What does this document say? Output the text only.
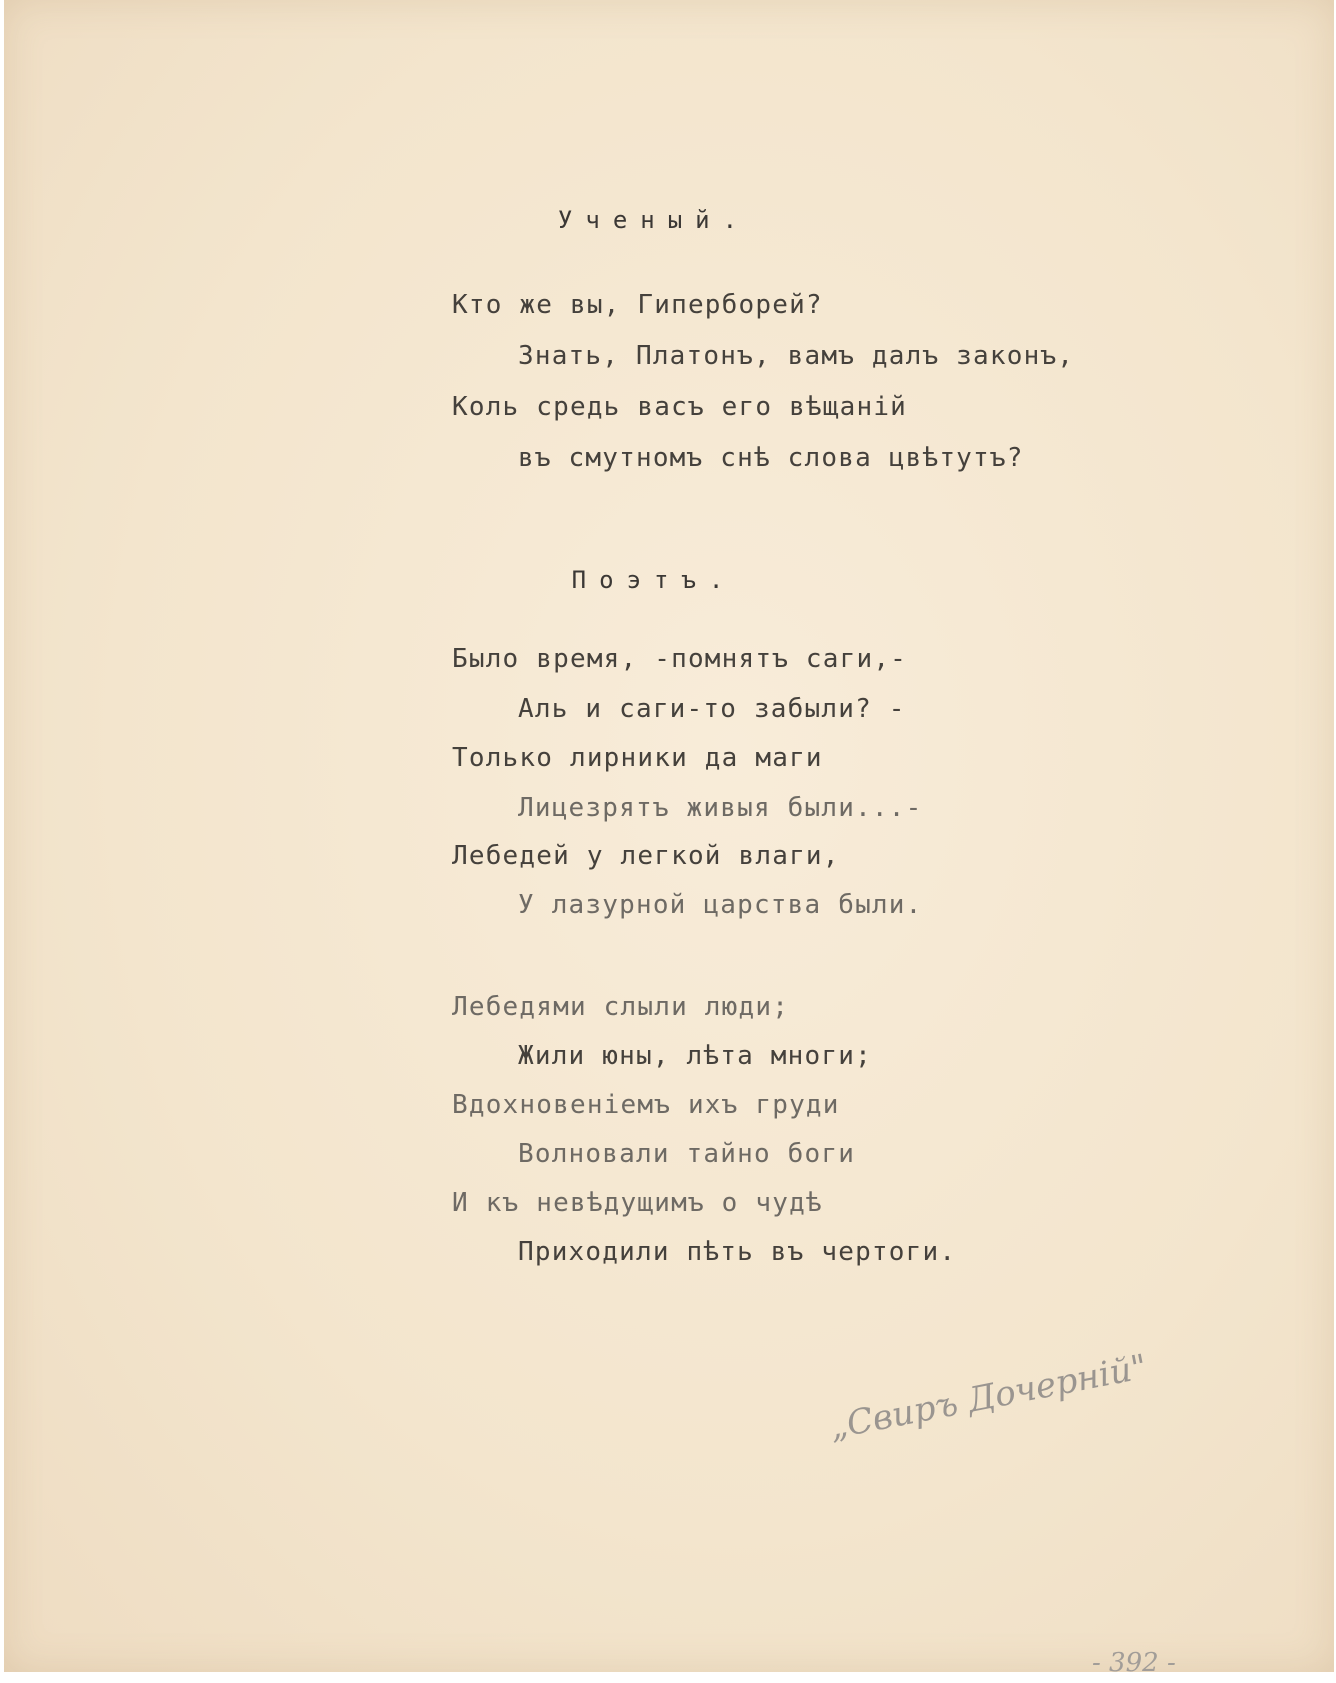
Ученый.
Кто же вы, Гиперборей?
Знать, Платонъ, вамъ далъ законъ,
Коль средь васъ его вѣщаній
въ смутномъ снѣ слова цвѣтутъ?
Поэтъ.
Было время, -помнятъ саги,-
Аль и саги-то забыли? -
Только лирники да маги
Лицезрятъ живыя были...-
Лебедей у легкой влаги,
У лазурной царства были.
Лебедями слыли люди;
Жили юны, лѣта многи;
Вдохновеніемъ ихъ груди
Волновали тайно боги
И къ невѣдущимъ о чудѣ
Приходили пѣть въ чертоги.
„Свиръ Дочерній"
- 392 -
